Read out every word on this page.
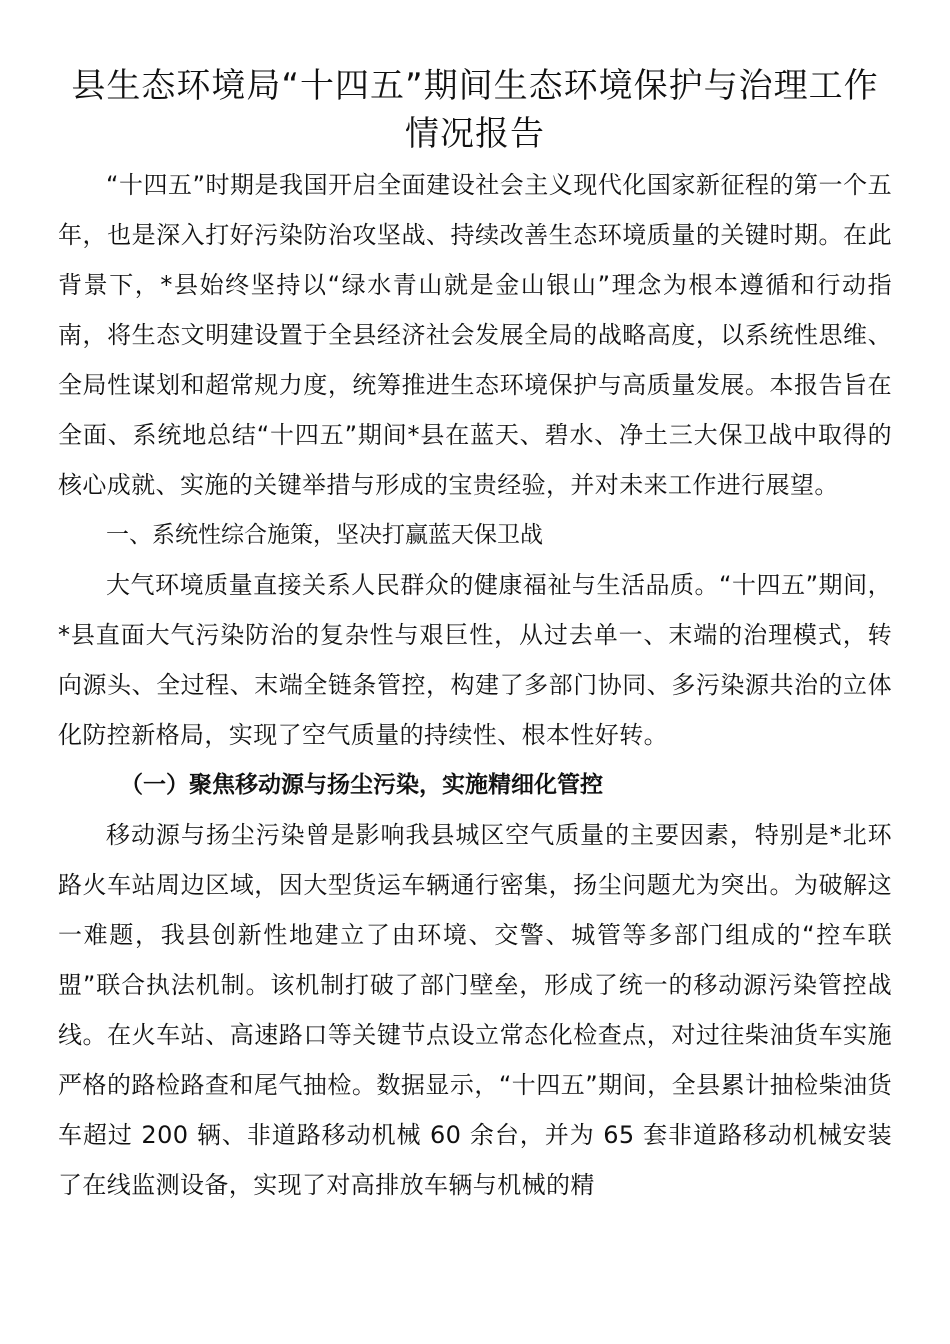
县生态环境局“十四五”期间生态环境保护与治理工作情况报告

“十四五”时期是我国开启全面建设社会主义现代化国家新征程的第一个五年，也是深入打好污染防治攻坚战、持续改善生态环境质量的关键时期。在此背景下，*县始终坚持以“绿水青山就是金山银山”理念为根本遵循和行动指南，将生态文明建设置于全县经济社会发展全局的战略高度，以系统性思维、全局性谋划和超常规力度，统筹推进生态环境保护与高质量发展。本报告旨在全面、系统地总结“十四五”期间*县在蓝天、碧水、净土三大保卫战中取得的核心成就、实施的关键举措与形成的宝贵经验，并对未来工作进行展望。

一、系统性综合施策，坚决打赢蓝天保卫战

大气环境质量直接关系人民群众的健康福祉与生活品质。“十四五”期间，*县直面大气污染防治的复杂性与艰巨性，从过去单一、末端的治理模式，转向源头、全过程、末端全链条管控，构建了多部门协同、多污染源共治的立体化防控新格局，实现了空气质量的持续性、根本性好转。

（一）聚焦移动源与扬尘污染，实施精细化管控

移动源与扬尘污染曾是影响我县城区空气质量的主要因素，特别是*北环路火车站周边区域，因大型货运车辆通行密集，扬尘问题尤为突出。为破解这一难题，我县创新性地建立了由环境、交警、城管等多部门组成的“控车联盟”联合执法机制。该机制打破了部门壁垒，形成了统一的移动源污染管控战线。在火车站、高速路口等关键节点设立常态化检查点，对过往柴油货车实施严格的路检路查和尾气抽检。数据显示，“十四五”期间，全县累计抽检柴油货车超过 200 辆、非道路移动机械 60 余台，并为 65 套非道路移动机械安装了在线监测设备，实现了对高排放车辆与机械的精
